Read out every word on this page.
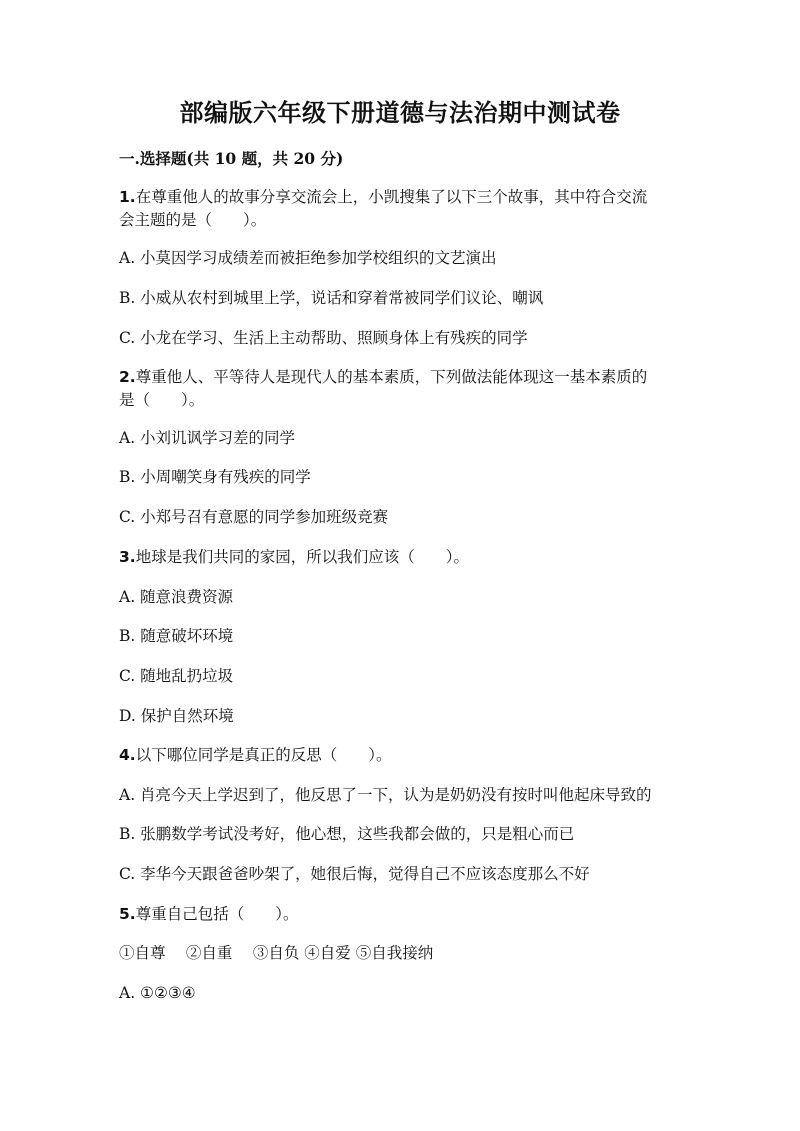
部编版六年级下册道德与法治期中测试卷
一.选择题(共 10 题，共 20 分)
1.在尊重他人的故事分享交流会上，小凯搜集了以下三个故事，其中符合交流
会主题的是（　　）。
A. 小莫因学习成绩差而被拒绝参加学校组织的文艺演出
B. 小威从农村到城里上学，说话和穿着常被同学们议论、嘲讽
C. 小龙在学习、生活上主动帮助、照顾身体上有残疾的同学
2.尊重他人、平等待人是现代人的基本素质，下列做法能体现这一基本素质的
是（　　）。
A. 小刘讥讽学习差的同学
B. 小周嘲笑身有残疾的同学
C. 小郑号召有意愿的同学参加班级竞赛
3.地球是我们共同的家园，所以我们应该（　　）。
A. 随意浪费资源
B. 随意破坏环境
C. 随地乱扔垃圾
D. 保护自然环境
4.以下哪位同学是真正的反思（　　）。
A. 肖亮今天上学迟到了，他反思了一下，认为是奶奶没有按时叫他起床导致的
B. 张鹏数学考试没考好，他心想，这些我都会做的，只是粗心而已
C. 李华今天跟爸爸吵架了，她很后悔，觉得自己不应该态度那么不好
5.尊重自己包括（　　）。
①自尊　 ②自重　 ③自负 ④自爱 ⑤自我接纳
A. ①②③④
